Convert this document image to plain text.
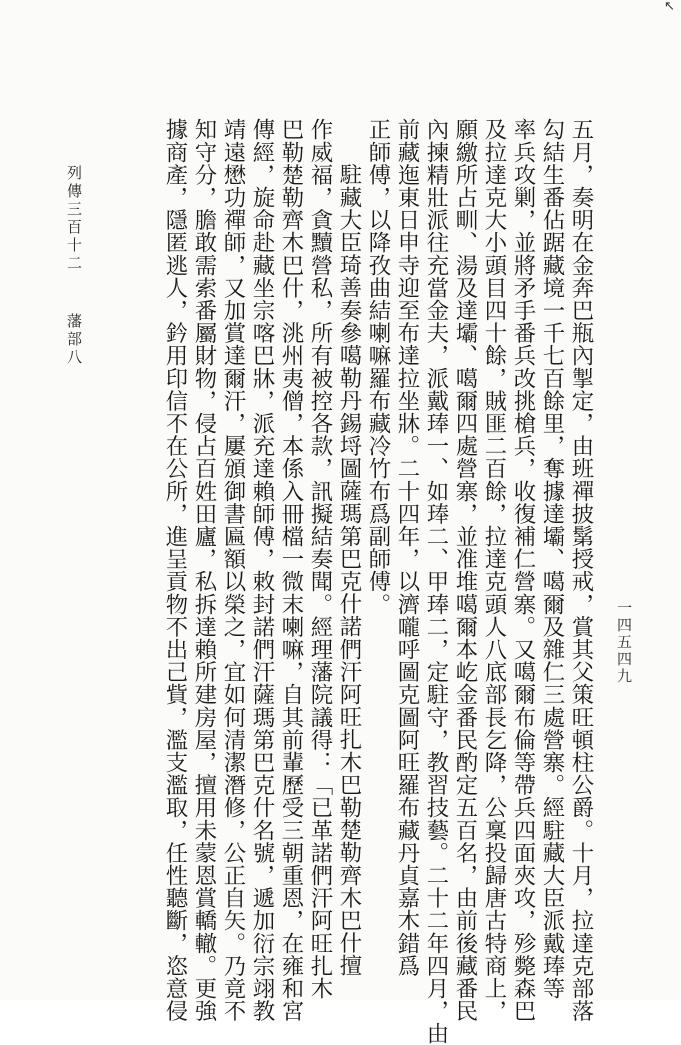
↖
五月，奏明在金奔巴瓶內掣定，由班禪披鬀授戒，賞其父策旺頓柱公爵。十月，拉達克部落
勾結生番佔踞藏境一千七百餘里，奪據達壩、噶爾及雜仁三處營寨。經駐藏大臣派戴琫等
率兵攻剿，並將矛手番兵改挑槍兵，收復補仁營寨。又噶爾布倫等帶兵四面夾攻，殄斃森巴
及拉達克大小頭目四十餘，賊匪二百餘，拉達克頭人八底部長乞降，公稟投歸唐古特商上，
願繳所占甽、湯及達壩、噶爾四處營寨，並准堆噶爾本屹金番民酌定五百名，由前後藏番民
內揀精壯派往充當金夫，派戴琫一、如琫二、甲琫二，定駐守，教習技藝。二十二年四月，由
前藏迤東日申寺迎至布達拉坐牀。二十四年，以濟嚨呼圖克圖阿旺羅布藏丹貞嘉木錯爲
正師傅，以降孜曲結喇嘛羅布藏冷竹布爲副師傅。
駐藏大臣琦善奏參噶勒丹錫埒圖薩瑪第巴克什諾們汗阿旺扎木巴勒楚勒齊木巴什擅
作威福，貪黷營私，所有被控各款，訊擬結奏聞。經理藩院議得：「已革諾們汗阿旺扎木
巴勒楚勒齊木巴什，洮州夷僧，本係入冊檔一微末喇嘛，自其前輩歷受三朝重恩，在雍和宮
傳經，旋命赴藏坐宗喀巴牀，派充達賴師傅，敕封諾們汗薩瑪第巴克什名號，遞加衍宗翊教
靖遠懋功禪師，又加賞達爾汗，屢頒御書匾額以榮之，宜如何清潔潛修，公正自矢。乃竟不
知守分，膽敢需索番屬財物，侵占百姓田廬，私拆達賴所建房屋，擅用未蒙恩賞轎轍。更強
據商產，隱匿逃人，鈐用印信不在公所，進呈貢物不出己貲，濫支濫取，任性聽斷，恣意侵
列傳三百十二藩部八
一四五四九
